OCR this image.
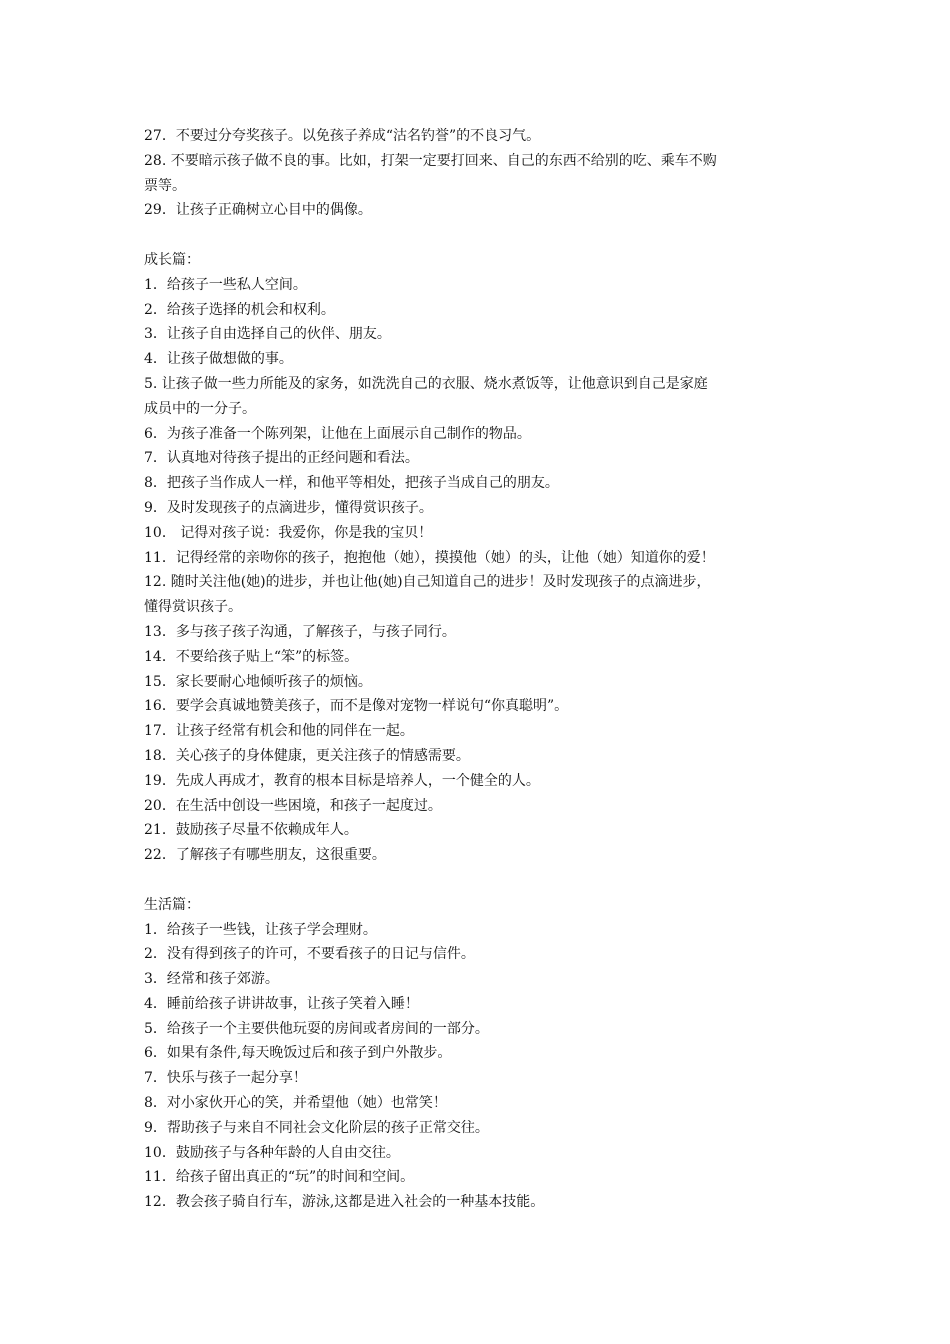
27．不要过分夸奖孩子。以免孩子养成“沽名钓誉”的不良习气。
28. 不要暗示孩子做不良的事。比如，打架一定要打回来、自己的东西不给别的吃、乘车不购
票等。
29．让孩子正确树立心目中的偶像。
成长篇：
1．给孩子一些私人空间。
2．给孩子选择的机会和权利。
3．让孩子自由选择自己的伙伴、朋友。
4．让孩子做想做的事。
5. 让孩子做一些力所能及的家务，如洗洗自己的衣服、烧水煮饭等，让他意识到自己是家庭
成员中的一分子。
6．为孩子准备一个陈列架，让他在上面展示自己制作的物品。
7．认真地对待孩子提出的正经问题和看法。
8．把孩子当作成人一样，和他平等相处，把孩子当成自己的朋友。
9．及时发现孩子的点滴进步，懂得赏识孩子。
10． 记得对孩子说：我爱你，你是我的宝贝！
11．记得经常的亲吻你的孩子，抱抱他（她），摸摸他（她）的头，让他（她）知道你的爱！
12. 随时关注他(她)的进步，并也让他(她)自己知道自己的进步！及时发现孩子的点滴进步，
懂得赏识孩子。
13．多与孩子孩子沟通，了解孩子，与孩子同行。
14．不要给孩子贴上“笨”的标签。
15．家长要耐心地倾听孩子的烦恼。
16．要学会真诚地赞美孩子，而不是像对宠物一样说句“你真聪明”。
17．让孩子经常有机会和他的同伴在一起。
18．关心孩子的身体健康，更关注孩子的情感需要。
19．先成人再成才，教育的根本目标是培养人，一个健全的人。
20．在生活中创设一些困境，和孩子一起度过。
21．鼓励孩子尽量不依赖成年人。
22．了解孩子有哪些朋友，这很重要。
生活篇：
1．给孩子一些钱，让孩子学会理财。
2．没有得到孩子的许可，不要看孩子的日记与信件。
3．经常和孩子郊游。
4．睡前给孩子讲讲故事，让孩子笑着入睡！
5．给孩子一个主要供他玩耍的房间或者房间的一部分。
6．如果有条件,每天晚饭过后和孩子到户外散步。
7．快乐与孩子一起分享！
8．对小家伙开心的笑，并希望他（她）也常笑！
9．帮助孩子与来自不同社会文化阶层的孩子正常交往。
10．鼓励孩子与各种年龄的人自由交往。
11．给孩子留出真正的“玩”的时间和空间。
12．教会孩子骑自行车，游泳,这都是进入社会的一种基本技能。
